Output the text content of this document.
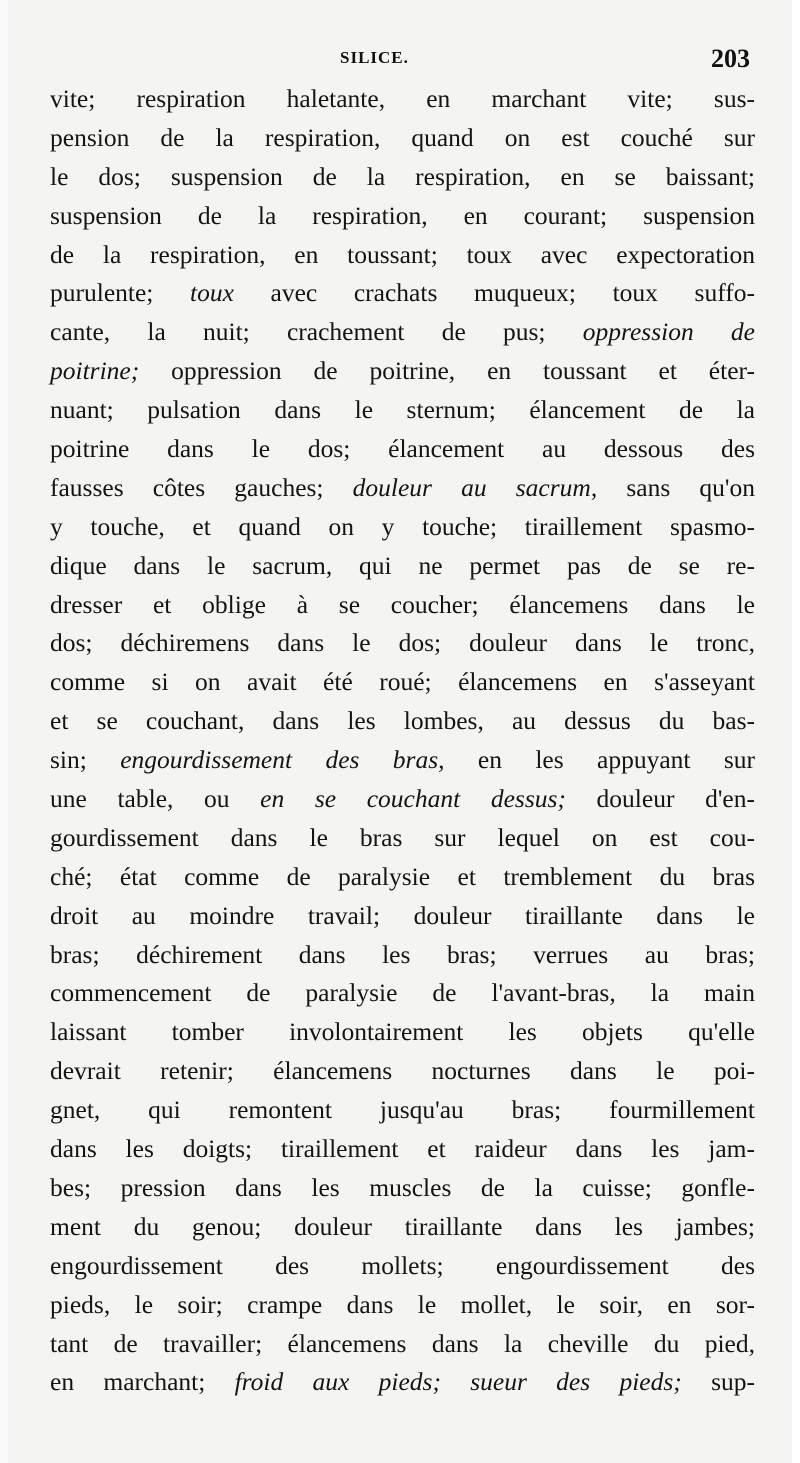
SILICE.	203
vite; respiration haletante, en marchant vite; sus-
pension de la respiration, quand on est couché sur
le dos; suspension de la respiration, en se baissant;
suspension de la respiration, en courant; suspension
de la respiration, en toussant; toux avec expectoration
purulente; toux avec crachats muqueux; toux suffo-
cante, la nuit; crachement de pus; oppression de
poitrine; oppression de poitrine, en toussant et éter-
nuant; pulsation dans le sternum; élancement de la
poitrine dans le dos; élancement au dessous des
fausses côtes gauches; douleur au sacrum, sans qu'on
y touche, et quand on y touche; tiraillement spasmo-
dique dans le sacrum, qui ne permet pas de se re-
dresser et oblige à se coucher; élancemens dans le
dos; déchiremens dans le dos; douleur dans le tronc,
comme si on avait été roué; élancemens en s'asseyant
et se couchant, dans les lombes, au dessus du bas-
sin; engourdissement des bras, en les appuyant sur
une table, ou en se couchant dessus; douleur d'en-
gourdissement dans le bras sur lequel on est cou-
ché; état comme de paralysie et tremblement du bras
droit au moindre travail; douleur tiraillante dans le
bras; déchirement dans les bras; verrues au bras;
commencement de paralysie de l'avant-bras, la main
laissant tomber involontairement les objets qu'elle
devrait retenir; élancemens nocturnes dans le poi-
gnet, qui remontent jusqu'au bras; fourmillement
dans les doigts; tiraillement et raideur dans les jam-
bes; pression dans les muscles de la cuisse; gonfle-
ment du genou; douleur tiraillante dans les jambes;
engourdissement des mollets; engourdissement des
pieds, le soir; crampe dans le mollet, le soir, en sor-
tant de travailler; élancemens dans la cheville du pied,
en marchant; froid aux pieds; sueur des pieds; sup-
